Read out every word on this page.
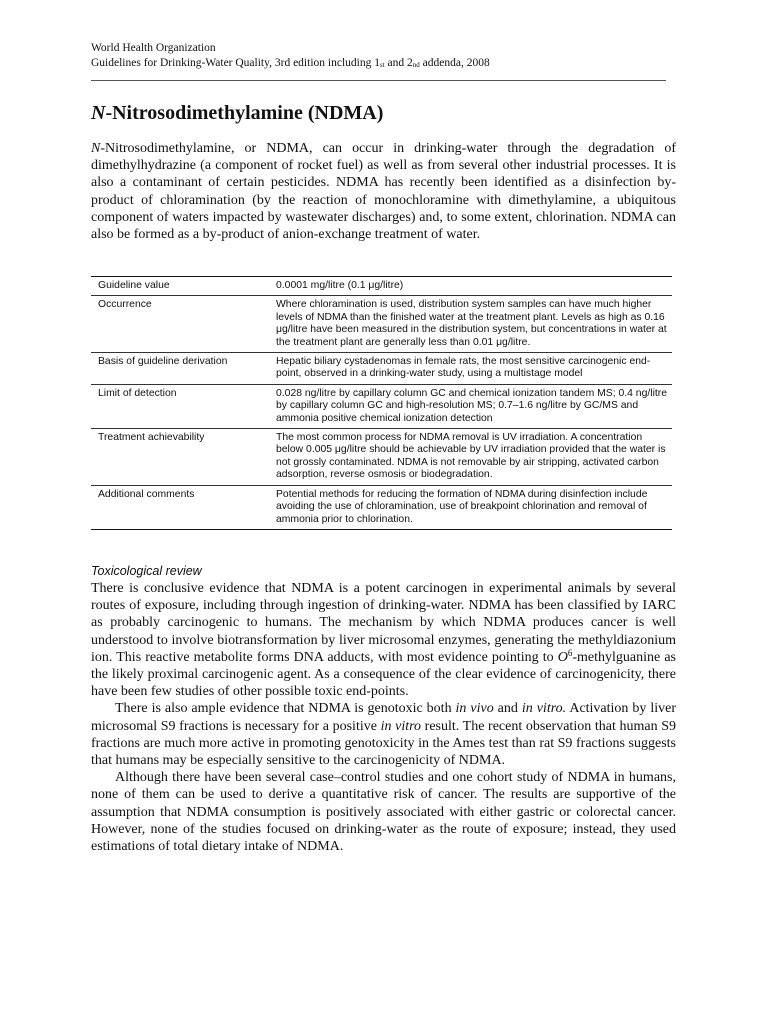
World Health Organization
Guidelines for Drinking-Water Quality, 3rd edition including $1_{st}$ and $2_{nd}$ addenda, 2008
N-Nitrosodimethylamine (NDMA)

N-Nitrosodimethylamine, or NDMA, can occur in drinking-water through the degradation of dimethylhydrazine (a component of rocket fuel) as well as from several other industrial processes. It is also a contaminant of certain pesticides. NDMA has recently been identified as a disinfection by-product of chloramination (by the reaction of monochloramine with dimethylamine, a ubiquitous component of waters impacted by wastewater discharges) and, to some extent, chlorination. NDMA can also be formed as a by-product of anion-exchange treatment of water.

Guideline value	0.0001 mg/litre (0.1 μg/litre)
Occurrence	Where chloramination is used, distribution system samples can have much higher levels of NDMA than the finished water at the treatment plant. Levels as high as 0.16 μg/litre have been measured in the distribution system, but concentrations in water at the treatment plant are generally less than 0.01 μg/litre.
Basis of guideline derivation	Hepatic biliary cystadenomas in female rats, the most sensitive carcinogenic end-point, observed in a drinking-water study, using a multistage model
Limit of detection	0.028 ng/litre by capillary column GC and chemical ionization tandem MS; 0.4 ng/litre by capillary column GC and high-resolution MS; 0.7–1.6 ng/litre by GC/MS and ammonia positive chemical ionization detection
Treatment achievability	The most common process for NDMA removal is UV irradiation. A concentration below 0.005 μg/litre should be achievable by UV irradiation provided that the water is not grossly contaminated. NDMA is not removable by air stripping, activated carbon adsorption, reverse osmosis or biodegradation.
Additional comments	Potential methods for reducing the formation of NDMA during disinfection include avoiding the use of chloramination, use of breakpoint chlorination and removal of ammonia prior to chlorination.
Toxicological review

There is conclusive evidence that NDMA is a potent carcinogen in experimental animals by several routes of exposure, including through ingestion of drinking-water. NDMA has been classified by IARC as probably carcinogenic to humans. The mechanism by which NDMA produces cancer is well understood to involve biotransformation by liver microsomal enzymes, generating the methyldiazonium ion. This reactive metabolite forms DNA adducts, with most evidence pointing to $O^6$-methylguanine as the likely proximal carcinogenic agent. As a consequence of the clear evidence of carcinogenicity, there have been few studies of other possible toxic end-points.

There is also ample evidence that NDMA is genotoxic both in vivo and in vitro. Activation by liver microsomal S9 fractions is necessary for a positive in vitro result. The recent observation that human S9 fractions are much more active in promoting genotoxicity in the Ames test than rat S9 fractions suggests that humans may be especially sensitive to the carcinogenicity of NDMA.

Although there have been several case–control studies and one cohort study of NDMA in humans, none of them can be used to derive a quantitative risk of cancer. The results are supportive of the assumption that NDMA consumption is positively associated with either gastric or colorectal cancer. However, none of the studies focused on drinking-water as the route of exposure; instead, they used estimations of total dietary intake of NDMA.
